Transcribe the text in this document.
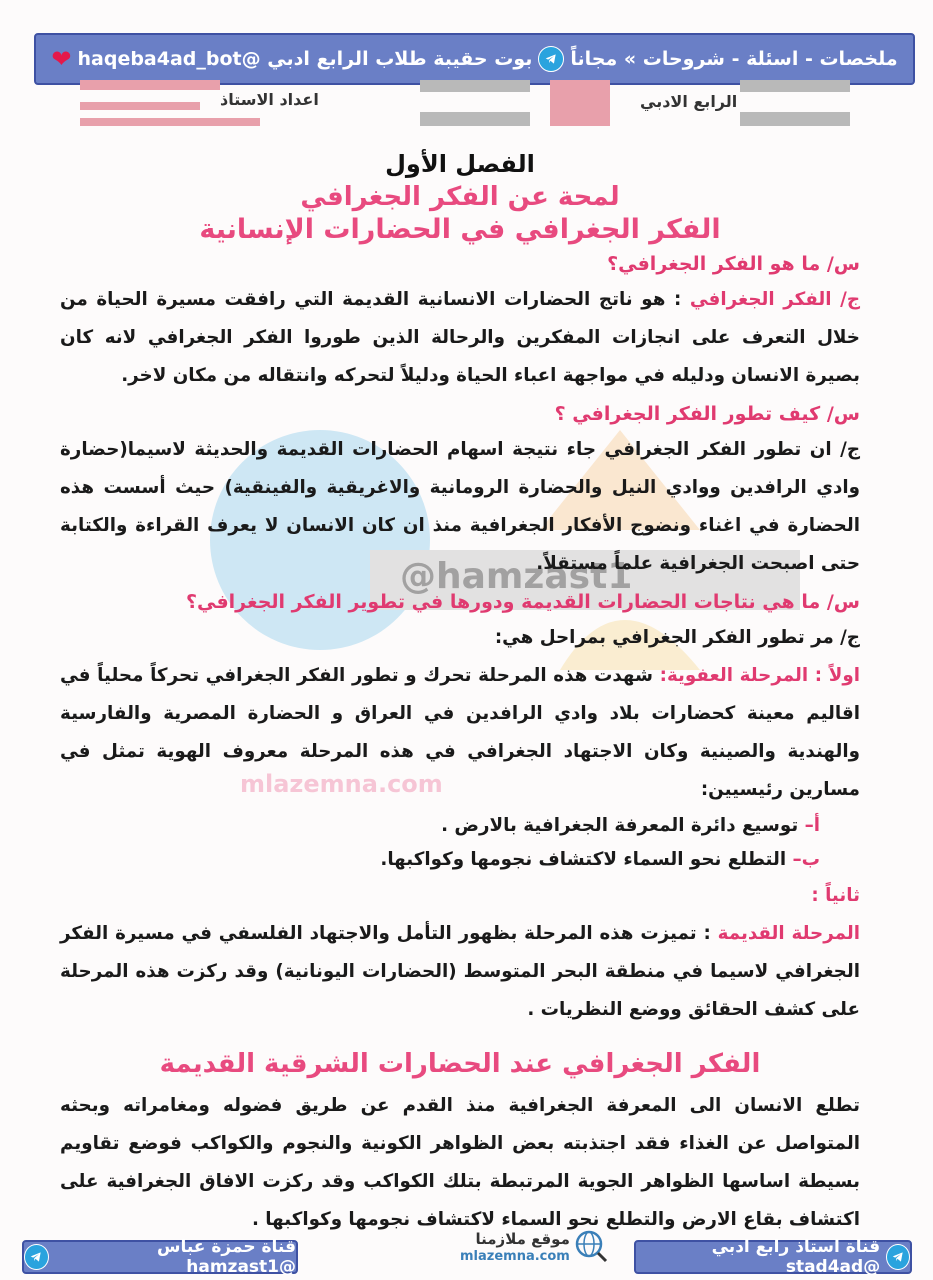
ملخصات - اسئلة - شروحات » مجاناً
بوت حقيبة طلاب الرابع ادبي @haqeba4ad_bot
❤
اعداد الاستاذ	الرابع الادبي
@hamzast1
mlazemna.com
الفصل الأول
لمحة عن الفكر الجغرافي
الفكر الجغرافي في الحضارات الإنسانية
س/ ما هو الفكر الجغرافي؟

ج/ الفكر الجغرافي : هو ناتج الحضارات الانسانية القديمة التي رافقت مسيرة الحياة من خلال التعرف على انجازات المفكرين والرحالة الذين طوروا الفكر الجغرافي لانه كان بصيرة الانسان ودليله في مواجهة اعباء الحياة ودليلاً لتحركه وانتقاله من مكان لاخر.

س/ كيف تطور الفكر الجغرافي ؟

ج/ ان تطور الفكر الجغرافي جاء نتيجة اسهام الحضارات القديمة والحديثة لاسيما(حضارة وادي الرافدين ووادي النيل والحضارة الرومانية والاغريقية والفينقية) حيث أسست هذه الحضارة في اغناء ونضوج الأفكار الجغرافية منذ ان كان الانسان لا يعرف القراءة والكتابة حتى اصبحت الجغرافية علماً مستقلاً.

س/ ما هي نتاجات الحضارات القديمة ودورها في تطوير الفكر الجغرافي؟

ج/ مر تطور الفكر الجغرافي بمراحل هي:

اولاً : المرحلة العفوية: شهدت هذه المرحلة تحرك و تطور الفكر الجغرافي تحركاً محلياً في اقاليم معينة كحضارات بلاد وادي الرافدين في العراق و الحضارة المصرية والفارسية والهندية والصينية وكان الاجتهاد الجغرافي في هذه المرحلة معروف الهوية تمثل في مسارين رئيسيين:

أ– توسيع دائرة المعرفة الجغرافية بالارض .

ب– التطلع نحو السماء لاكتشاف نجومها وكواكبها.

ثانياً :

المرحلة القديمة : تميزت هذه المرحلة بظهور التأمل والاجتهاد الفلسفي في مسيرة الفكر الجغرافي لاسيما في منطقة البحر المتوسط (الحضارات اليونانية) وقد ركزت هذه المرحلة على كشف الحقائق ووضع النظريات .

الفكر الجغرافي عند الحضارات الشرقية القديمة

تطلع الانسان الى المعرفة الجغرافية منذ القدم عن طريق فضوله ومغامراته وبحثه المتواصل عن الغذاء فقد اجتذبته بعض الظواهر الكونية والنجوم والكواكب فوضع تقاويم بسيطة اساسها الظواهر الجوية المرتبطة بتلك الكواكب وقد ركزت الافاق الجغرافية على اكتشاف بقاع الارض والتطلع نحو السماء لاكتشاف نجومها وكواكبها .

قناة حمزة عباس @hamzast1
موقع ملازمنا
mlazemna.com	قناة استاذ رابع ادبي @stad4ad
